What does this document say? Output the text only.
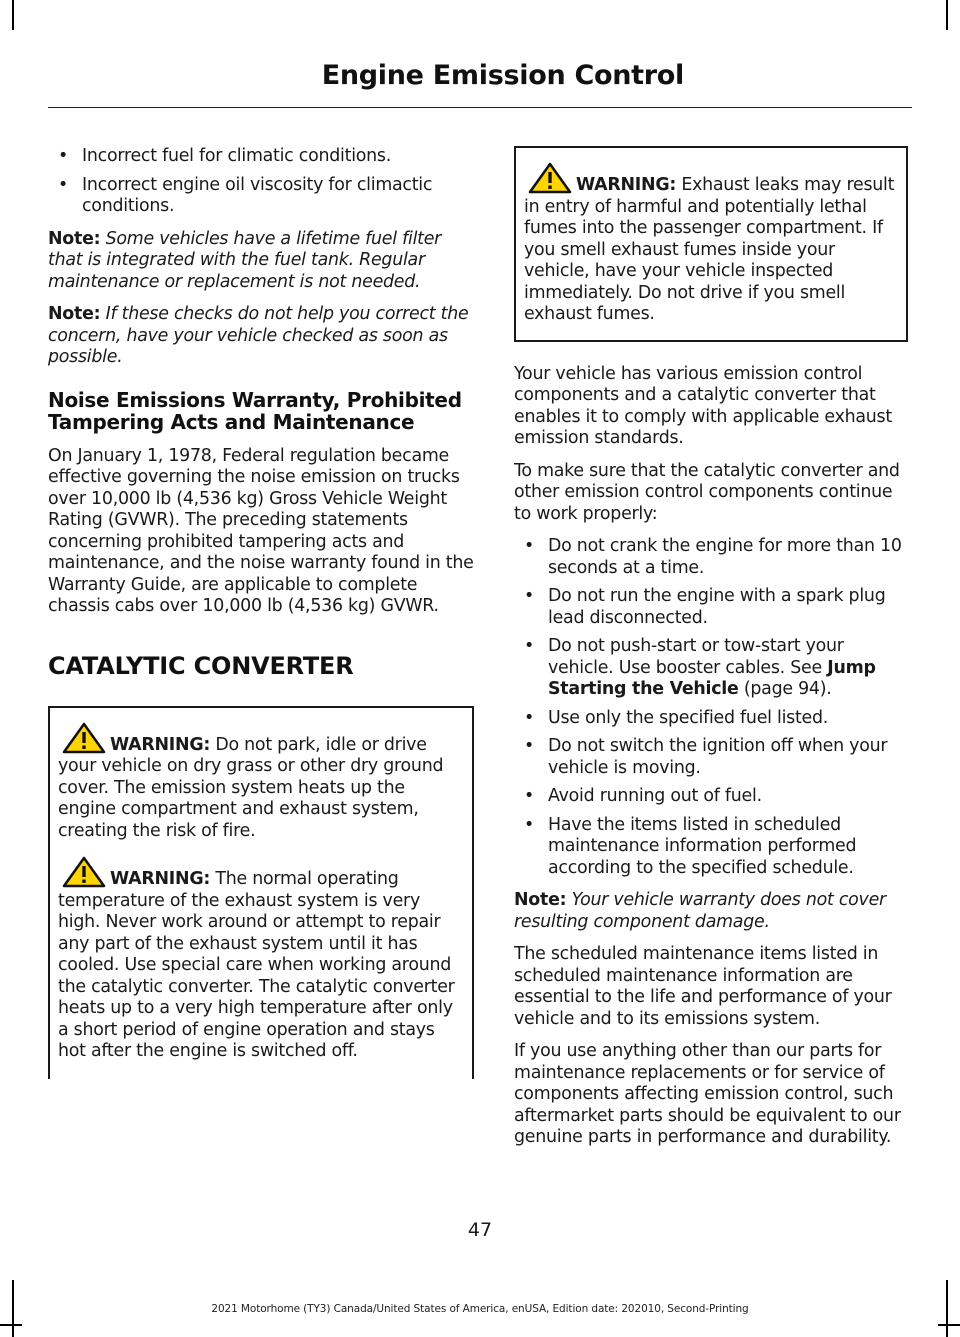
Engine Emission Control
• Incorrect fuel for climatic conditions.
• Incorrect engine oil viscosity for climactic conditions.

Note: Some vehicles have a lifetime fuel filter that is integrated with the fuel tank. Regular maintenance or replacement is not needed.

Note: If these checks do not help you correct the concern, have your vehicle checked as soon as possible.

Noise Emissions Warranty, Prohibited Tampering Acts and Maintenance

On January 1, 1978, Federal regulation became effective governing the noise emission on trucks over 10,000 lb (4,536 kg) Gross Vehicle Weight Rating (GVWR). The preceding statements concerning prohibited tampering acts and maintenance, and the noise warranty found in the Warranty Guide, are applicable to complete chassis cabs over 10,000 lb (4,536 kg) GVWR.

CATALYTIC CONVERTER
WARNING: Do not park, idle or drive your vehicle on dry grass or other dry ground cover. The emission system heats up the engine compartment and exhaust system, creating the risk of fire.
WARNING: The normal operating temperature of the exhaust system is very high. Never work around or attempt to repair any part of the exhaust system until it has cooled. Use special care when working around the catalytic converter. The catalytic converter heats up to a very high temperature after only a short period of engine operation and stays hot after the engine is switched off.
WARNING: Exhaust leaks may result in entry of harmful and potentially lethal fumes into the passenger compartment. If you smell exhaust fumes inside your vehicle, have your vehicle inspected immediately. Do not drive if you smell exhaust fumes.

Your vehicle has various emission control components and a catalytic converter that enables it to comply with applicable exhaust emission standards.

To make sure that the catalytic converter and other emission control components continue to work properly:

• Do not crank the engine for more than 10 seconds at a time.
• Do not run the engine with a spark plug lead disconnected.
• Do not push-start or tow-start your vehicle. Use booster cables. See Jump Starting the Vehicle (page 94).
• Use only the specified fuel listed.
• Do not switch the ignition off when your vehicle is moving.
• Avoid running out of fuel.
• Have the items listed in scheduled maintenance information performed according to the specified schedule.

Note: Your vehicle warranty does not cover resulting component damage.

The scheduled maintenance items listed in scheduled maintenance information are essential to the life and performance of your vehicle and to its emissions system.

If you use anything other than our parts for maintenance replacements or for service of components affecting emission control, such aftermarket parts should be equivalent to our genuine parts in performance and durability.

47
2021 Motorhome (TY3) Canada/United States of America, enUSA, Edition date: 202010, Second-Printing
